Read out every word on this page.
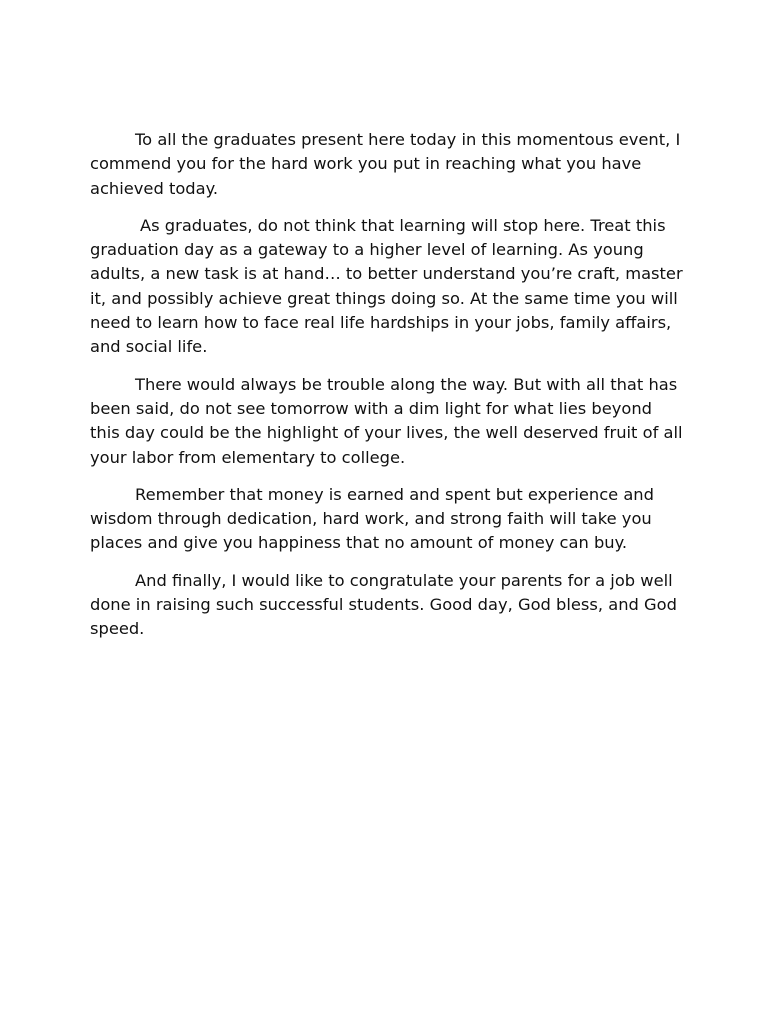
To all the graduates present here today in this momentous event, I commend you for the hard work you put in reaching what you have achieved today.

As graduates, do not think that learning will stop here. Treat this graduation day as a gateway to a higher level of learning. As young adults, a new task is at hand… to better understand you’re craft, master it, and possibly achieve great things doing so. At the same time you will need to learn how to face real life hardships in your jobs, family affairs, and social life.

There would always be trouble along the way. But with all that has been said, do not see tomorrow with a dim light for what lies beyond this day could be the highlight of your lives, the well deserved fruit of all your labor from elementary to college.

Remember that money is earned and spent but experience and wisdom through dedication, hard work, and strong faith will take you places and give you happiness that no amount of money can buy.

And finally, I would like to congratulate your parents for a job well done in raising such successful students. Good day, God bless, and God speed.
